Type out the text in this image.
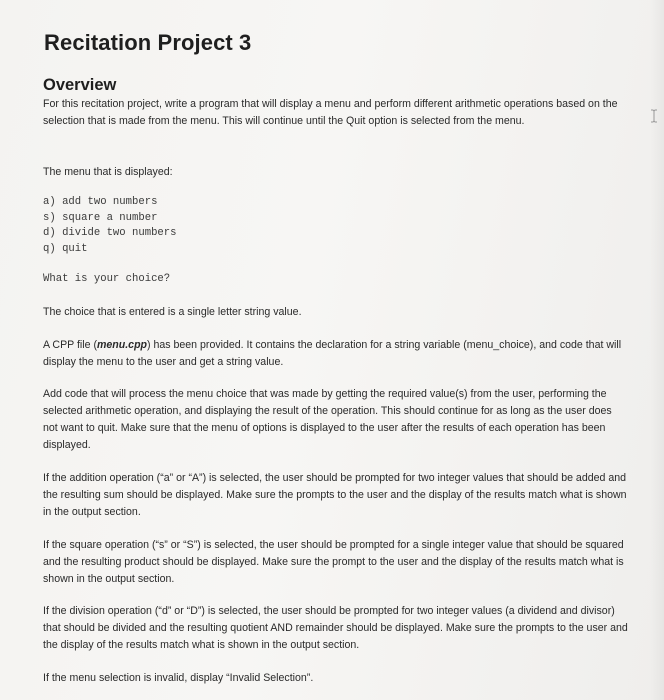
Recitation Project 3
Overview

For this recitation project, write a program that will display a menu and perform different arithmetic operations based on the selection that is made from the menu. This will continue until the Quit option is selected from the menu.

The menu that is displayed:

a) add two numbers

s) square a number

d) divide two numbers

q) quit

What is your choice?

The choice that is entered is a single letter string value.

A CPP file (menu.cpp) has been provided. It contains the declaration for a string variable (menu_choice), and code that will display the menu to the user and get a string value.

Add code that will process the menu choice that was made by getting the required value(s) from the user, performing the selected arithmetic operation, and displaying the result of the operation. This should continue for as long as the user does not want to quit. Make sure that the menu of options is displayed to the user after the results of each operation has been displayed.

If the addition operation (“a” or “A”) is selected, the user should be prompted for two integer values that should be added and the resulting sum should be displayed. Make sure the prompts to the user and the display of the results match what is shown in the output section.

If the square operation (“s” or “S”) is selected, the user should be prompted for a single integer value that should be squared and the resulting product should be displayed. Make sure the prompt to the user and the display of the results match what is shown in the output section.

If the division operation (“d” or “D”) is selected, the user should be prompted for two integer values (a dividend and divisor) that should be divided and the resulting quotient AND remainder should be displayed. Make sure the prompts to the user and the display of the results match what is shown in the output section.

If the menu selection is invalid, display “Invalid Selection”.
